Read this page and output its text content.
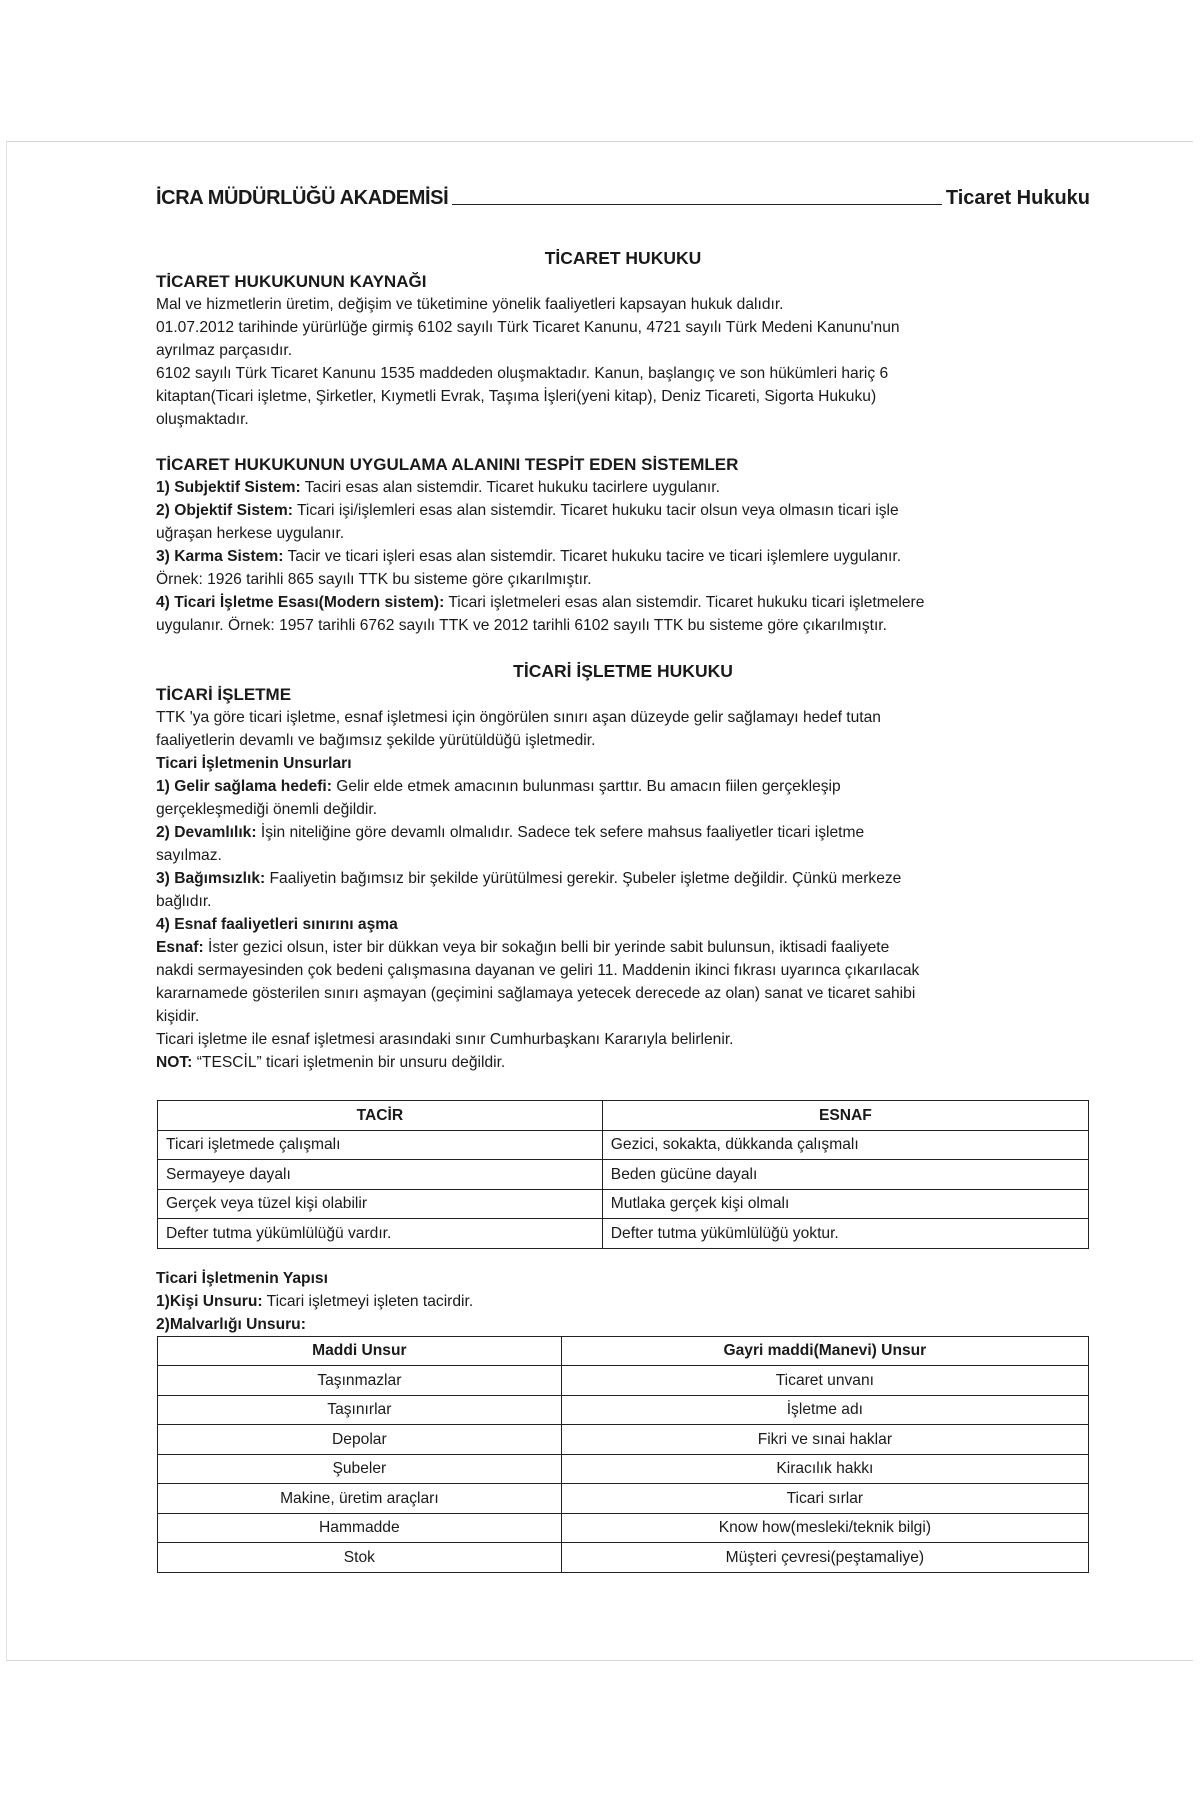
İCRA MÜDÜRLÜĞÜ AKADEMİSİ	Ticaret Hukuku
TİCARET HUKUKU
TİCARET HUKUKUNUN KAYNAĞI

Mal ve hizmetlerin üretim, değişim ve tüketimine yönelik faaliyetleri kapsayan hukuk dalıdır.

01.07.2012 tarihinde yürürlüğe girmiş 6102 sayılı Türk Ticaret Kanunu, 4721 sayılı Türk Medeni Kanunu'nun

ayrılmaz parçasıdır.

6102 sayılı Türk Ticaret Kanunu 1535 maddeden oluşmaktadır. Kanun, başlangıç ve son hükümleri hariç 6

kitaptan(Ticari işletme, Şirketler, Kıymetli Evrak, Taşıma İşleri(yeni kitap), Deniz Ticareti, Sigorta Hukuku)

oluşmaktadır.

TİCARET HUKUKUNUN UYGULAMA ALANINI TESPİT EDEN SİSTEMLER

1) Subjektif Sistem: Taciri esas alan sistemdir. Ticaret hukuku tacirlere uygulanır.

2) Objektif Sistem: Ticari işi/işlemleri esas alan sistemdir. Ticaret hukuku tacir olsun veya olmasın ticari işle

uğraşan herkese uygulanır.

3) Karma Sistem: Tacir ve ticari işleri esas alan sistemdir. Ticaret hukuku tacire ve ticari işlemlere uygulanır.

Örnek: 1926 tarihli 865 sayılı TTK bu sisteme göre çıkarılmıştır.

4) Ticari İşletme Esası(Modern sistem): Ticari işletmeleri esas alan sistemdir. Ticaret hukuku ticari işletmelere

uygulanır. Örnek: 1957 tarihli 6762 sayılı TTK ve 2012 tarihli 6102 sayılı TTK bu sisteme göre çıkarılmıştır.

TİCARİ İŞLETME HUKUKU
TİCARİ İŞLETME

TTK 'ya göre ticari işletme, esnaf işletmesi için öngörülen sınırı aşan düzeyde gelir sağlamayı hedef tutan

faaliyetlerin devamlı ve bağımsız şekilde yürütüldüğü işletmedir.

Ticari İşletmenin Unsurları

1) Gelir sağlama hedefi: Gelir elde etmek amacının bulunması şarttır. Bu amacın fiilen gerçekleşip

gerçekleşmediği önemli değildir.

2) Devamlılık: İşin niteliğine göre devamlı olmalıdır. Sadece tek sefere mahsus faaliyetler ticari işletme

sayılmaz.

3) Bağımsızlık: Faaliyetin bağımsız bir şekilde yürütülmesi gerekir. Şubeler işletme değildir. Çünkü merkeze

bağlıdır.

4) Esnaf faaliyetleri sınırını aşma

Esnaf: İster gezici olsun, ister bir dükkan veya bir sokağın belli bir yerinde sabit bulunsun, iktisadi faaliyete

nakdi sermayesinden çok bedeni çalışmasına dayanan ve geliri 11. Maddenin ikinci fıkrası uyarınca çıkarılacak

kararnamede gösterilen sınırı aşmayan (geçimini sağlamaya yetecek derecede az olan) sanat ve ticaret sahibi

kişidir.

Ticari işletme ile esnaf işletmesi arasındaki sınır Cumhurbaşkanı Kararıyla belirlenir.

NOT: “TESCİL” ticari işletmenin bir unsuru değildir.

TACİR	ESNAF
Ticari işletmede çalışmalı	Gezici, sokakta, dükkanda çalışmalı
Sermayeye dayalı	Beden gücüne dayalı
Gerçek veya tüzel kişi olabilir	Mutlaka gerçek kişi olmalı
Defter tutma yükümlülüğü vardır.	Defter tutma yükümlülüğü yoktur.

Ticari İşletmenin Yapısı

1)Kişi Unsuru: Ticari işletmeyi işleten tacirdir.

2)Malvarlığı Unsuru:

Maddi Unsur	Gayri maddi(Manevi) Unsur
Taşınmazlar	Ticaret unvanı
Taşınırlar	İşletme adı
Depolar	Fikri ve sınai haklar
Şubeler	Kiracılık hakkı
Makine, üretim araçları	Ticari sırlar
Hammadde	Know how(mesleki/teknik bilgi)
Stok	Müşteri çevresi(peştamaliye)
